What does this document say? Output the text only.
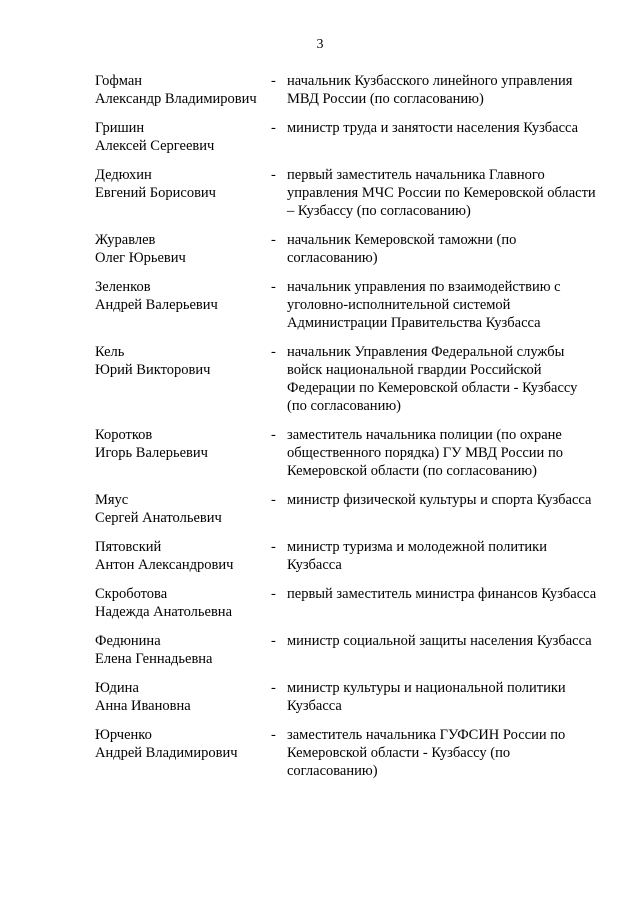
3
Гофман
Александр Владимирович
- начальник Кузбасского линейного управления МВД России (по согласованию)
Гришин
Алексей Сергеевич
- министр труда и занятости населения Кузбасса
Дедюхин
Евгений Борисович
- первый заместитель начальника Главного управления МЧС России по Кемеровской области – Кузбассу (по согласованию)
Журавлев
Олег Юрьевич
- начальник Кемеровской таможни (по согласованию)
Зеленков
Андрей Валерьевич
- начальник управления по взаимодействию с уголовно-исполнительной системой Администрации Правительства Кузбасса
Кель
Юрий Викторович
- начальник Управления Федеральной службы войск национальной гвардии Российской Федерации по Кемеровской области - Кузбассу (по согласованию)
Коротков
Игорь Валерьевич
- заместитель начальника полиции (по охране общественного порядка) ГУ МВД России по Кемеровской области (по согласованию)
Мяус
Сергей Анатольевич
- министр физической культуры и спорта Кузбасса
Пятовский
Антон Александрович
- министр туризма и молодежной политики Кузбасса
Скроботова
Надежда Анатольевна
- первый заместитель министра финансов Кузбасса
Федюнина
Елена Геннадьевна
- министр социальной защиты населения Кузбасса
Юдина
Анна Ивановна
- министр культуры и национальной политики Кузбасса
Юрченко
Андрей Владимирович
- заместитель начальника ГУФСИН России по Кемеровской области - Кузбассу (по согласованию)
